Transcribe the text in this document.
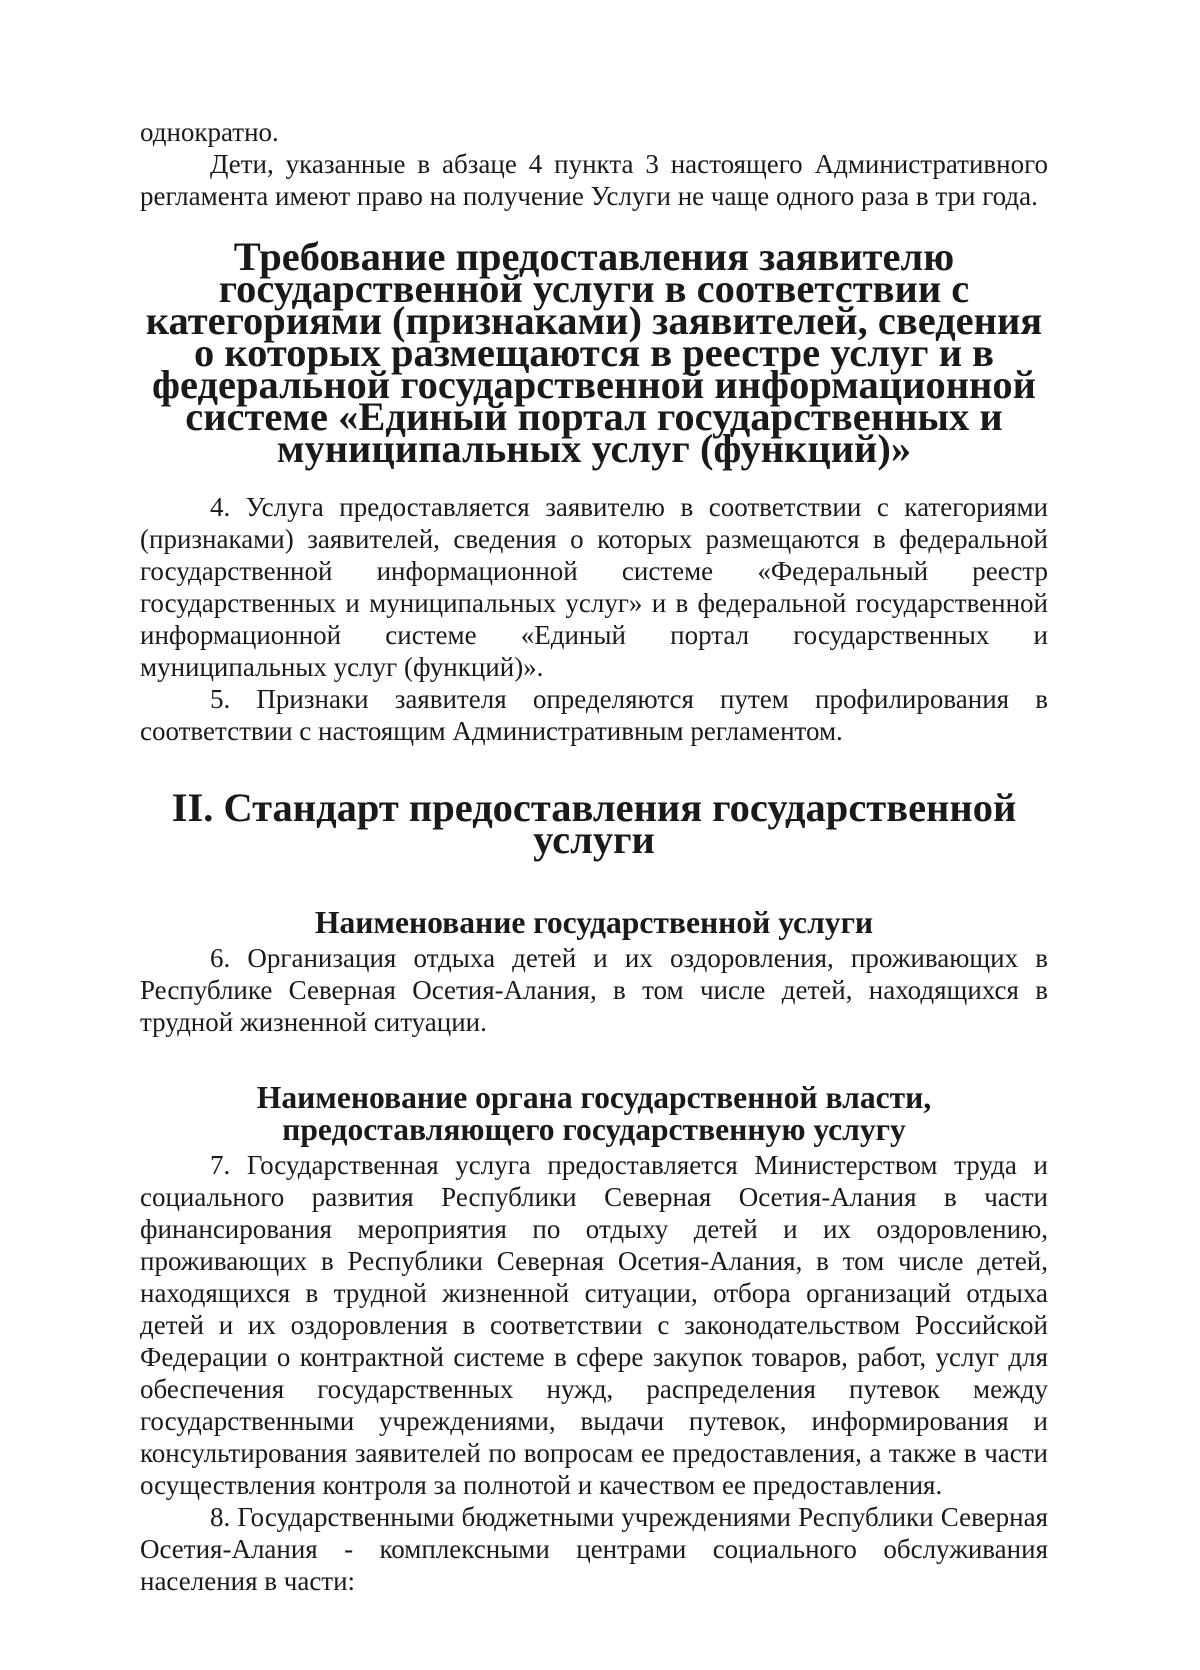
однократно.

Дети, указанные в абзаце 4 пункта 3 настоящего Административного регламента имеют право на получение Услуги не чаще одного раза в три года.

Требование предоставления заявителю государственной услуги в соответствии с категориями (признаками) заявителей, сведения о которых размещаются в реестре услуг и в федеральной государственной информационной системе «Единый портал государственных и муниципальных услуг (функций)»

4. Услуга предоставляется заявителю в соответствии с категориями (признаками) заявителей, сведения о которых размещаются в федеральной государственной информационной системе «Федеральный реестр государственных и муниципальных услуг» и в федеральной государственной информационной системе «Единый портал государственных и муниципальных услуг (функций)».

5. Признаки заявителя определяются путем профилирования в соответствии с настоящим Административным регламентом.

II. Стандарт предоставления государственной услуги
Наименование государственной услуги

6. Организация отдыха детей и их оздоровления, проживающих в Республике Северная Осетия-Алания, в том числе детей, находящихся в трудной жизненной ситуации.

Наименование органа государственной власти, предоставляющего государственную услугу

7. Государственная услуга предоставляется Министерством труда и социального развития Республики Северная Осетия-Алания в части финансирования мероприятия по отдыху детей и их оздоровлению, проживающих в Республики Северная Осетия-Алания, в том числе детей, находящихся в трудной жизненной ситуации, отбора организаций отдыха детей и их оздоровления в соответствии с законодательством Российской Федерации о контрактной системе в сфере закупок товаров, работ, услуг для обеспечения государственных нужд, распределения путевок между государственными учреждениями, выдачи путевок, информирования и консультирования заявителей по вопросам ее предоставления, а также в части осуществления контроля за полнотой и качеством ее предоставления.

8. Государственными бюджетными учреждениями Республики Северная Осетия-Алания - комплексными центрами социального обслуживания населения в части:
